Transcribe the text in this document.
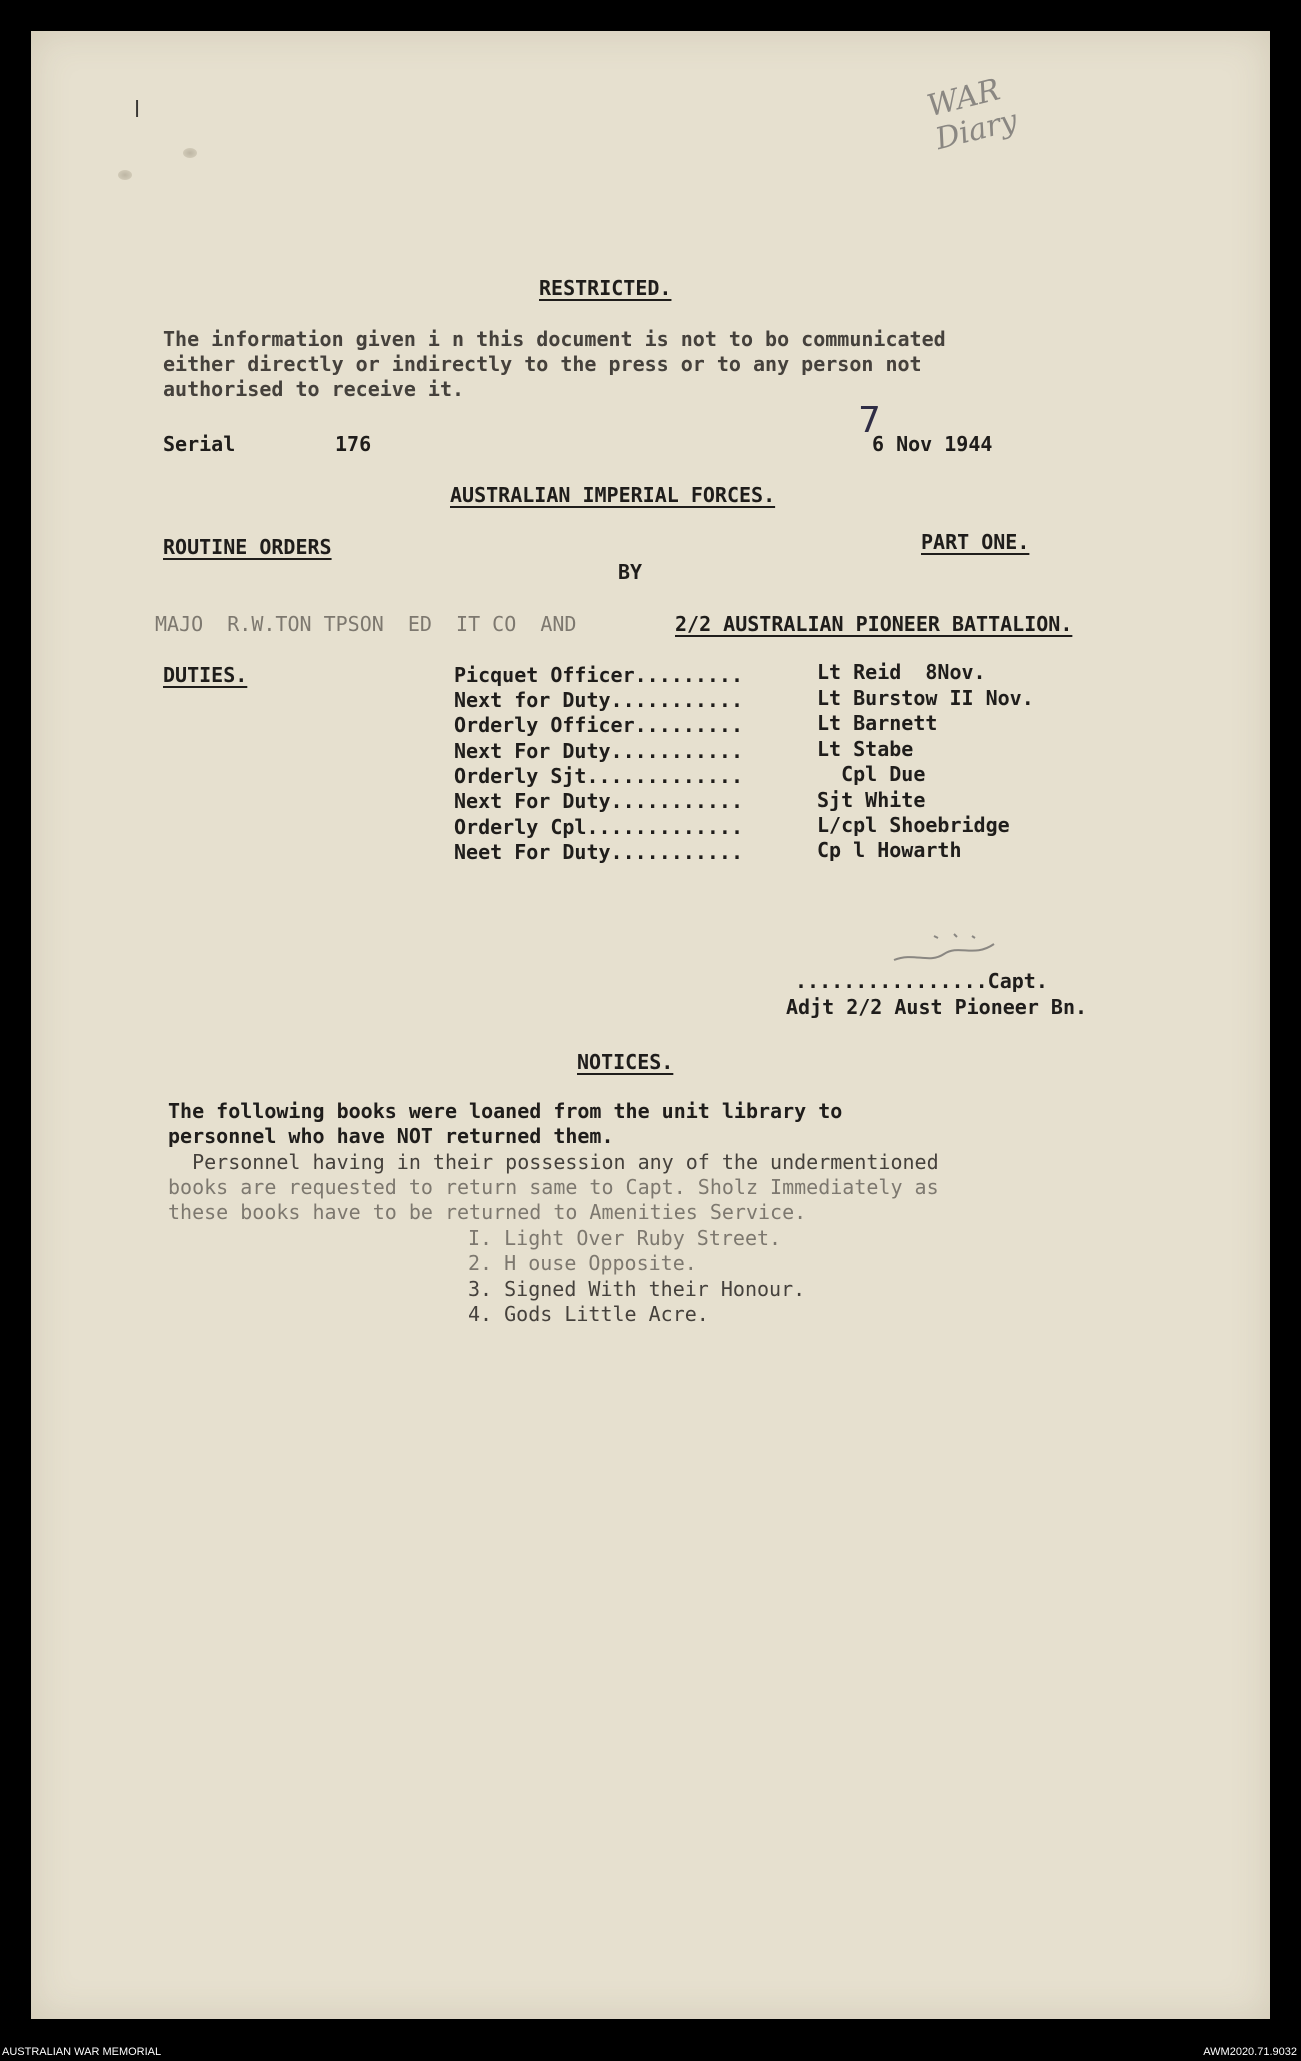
l	WAR Diary

RESTRICTED.

The information given i n this document is not to bo communicated

either directly or indirectly to the press or to any person not

authorised to receive it.

Serial	176

7

6 Nov 1944

AUSTRALIAN IMPERIAL FORCES.

ROUTINE ORDERS	PART ONE.

BY

MAJO  R.W.TON TPSON  ED  IT CO  AND	2/2 AUSTRALIAN PIONEER BATTALION.

DUTIES.	Picquet Officer.........	Lt Reid  8Nov.

Next for Duty...........	Lt Burstow II Nov.

Orderly Officer.........	Lt Barnett

Next For Duty...........	Lt Stabe

Orderly Sjt.............	Cpl Due

Next For Duty...........	Sjt White

Orderly Cpl.............	L/cpl Shoebridge

Neet For Duty...........	Cp l Howarth

................Capt.

Adjt 2/2 Aust Pioneer Bn.

NOTICES.

The following books were loaned from the unit library to

personnel who have NOT returned them.

Personnel having in their possession any of the undermentioned

books are requested to return same to Capt. Sholz Immediately as

these books have to be returned to Amenities Service.

I. Light Over Ruby Street.

2. H ouse Opposite.

3. Signed With their Honour.

4. Gods Little Acre.

AUSTRALIAN WAR MEMORIAL	AWM2020.71.9032
